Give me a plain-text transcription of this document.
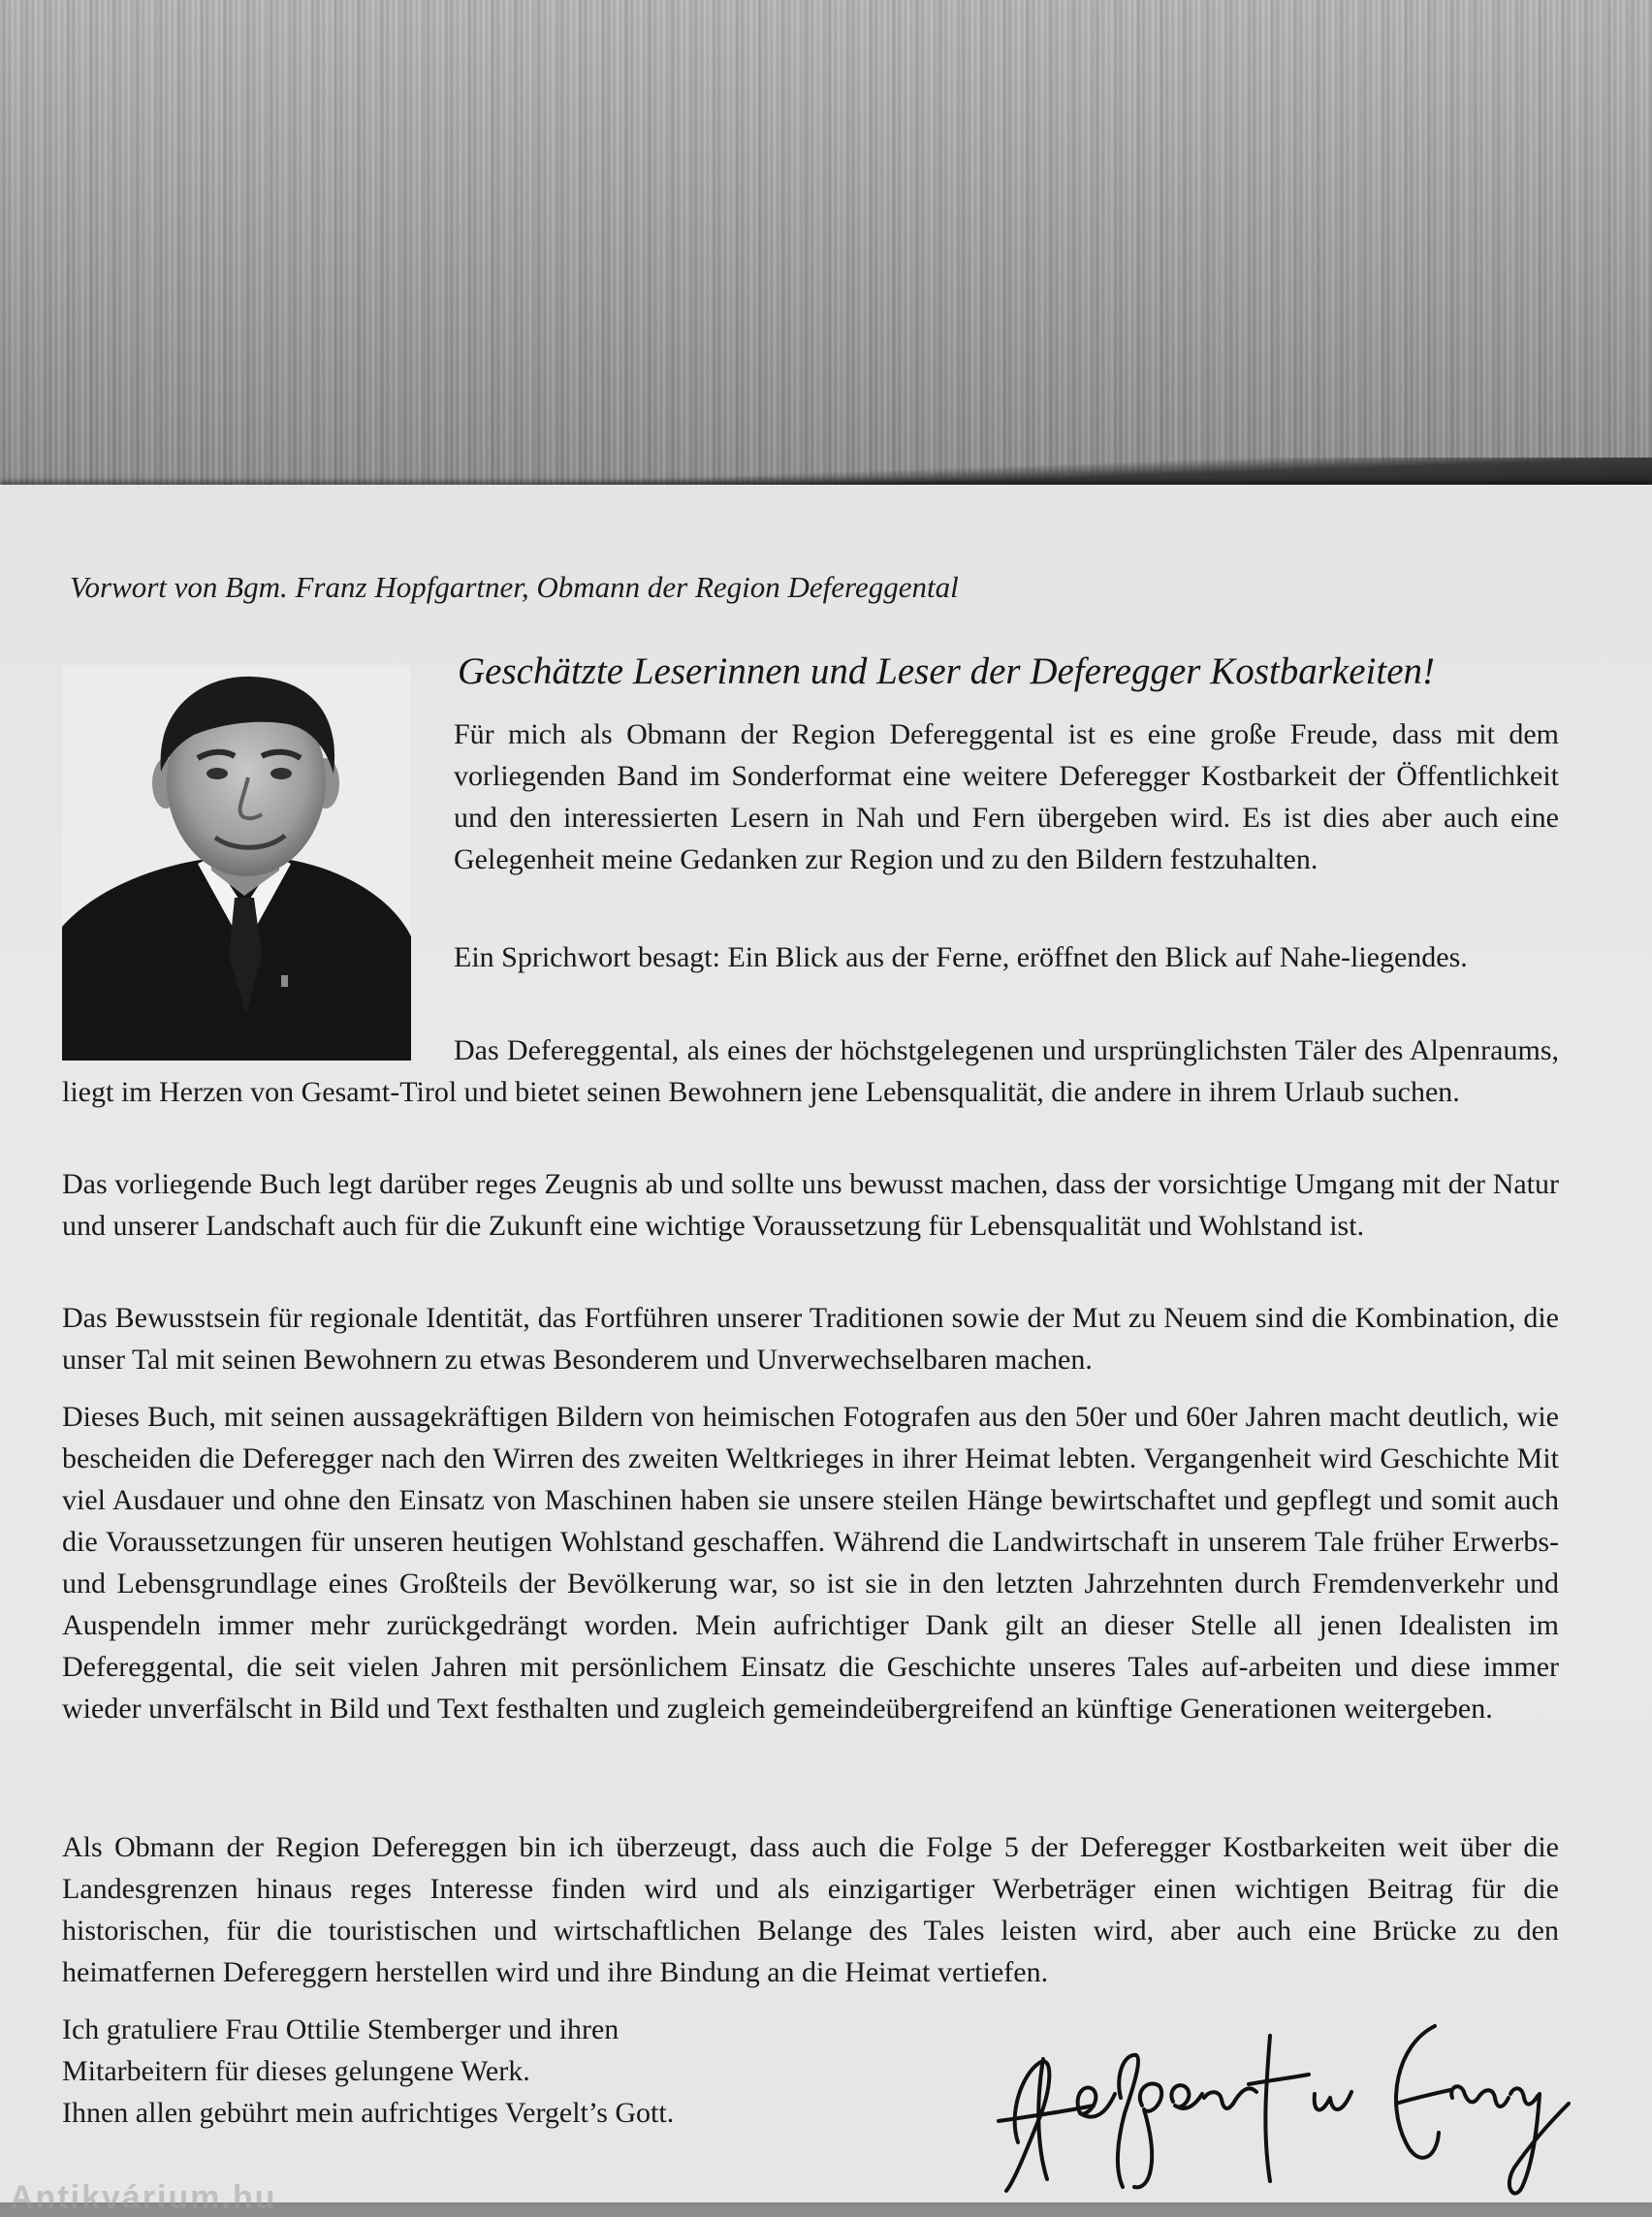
Vorwort von Bgm. Franz Hopfgartner, Obmann der Region Defereggental
Geschätzte Leserinnen und Leser der Deferegger Kostbarkeiten!

Für mich als Obmann der Region Defereggental ist es eine große Freude, dass mit dem vorliegenden Band im Sonderformat eine weitere Deferegger Kostbarkeit der Öffentlichkeit und den interessierten Lesern in Nah und Fern übergeben wird. Es ist dies aber auch eine Gelegenheit meine Gedanken zur Region und zu den Bildern festzuhalten.

Ein Sprichwort besagt: Ein Blick aus der Ferne, eröffnet den Blick auf Nahe-liegendes.

Das Defereggental, als eines der höchstgelegenen und ursprünglichsten Täler des Alpenraums, liegt im Herzen von Gesamt-Tirol und bietet seinen Bewohnern jene Lebensqualität, die andere in ihrem Urlaub suchen.

Das vorliegende Buch legt darüber reges Zeugnis ab und sollte uns bewusst machen, dass der vorsichtige Umgang mit der Natur und unserer Landschaft auch für die Zukunft eine wichtige Voraussetzung für Lebensqualität und Wohlstand ist.

Das Bewusstsein für regionale Identität, das Fortführen unserer Traditionen sowie der Mut zu Neuem sind die Kombination, die unser Tal mit seinen Bewohnern zu etwas Besonderem und Unverwechselbaren machen.

Dieses Buch, mit seinen aussagekräftigen Bildern von heimischen Fotografen aus den 50er und 60er Jahren macht deutlich, wie bescheiden die Deferegger nach den Wirren des zweiten Weltkrieges in ihrer Heimat lebten. Vergangenheit wird Geschichte Mit viel Ausdauer und ohne den Einsatz von Maschinen haben sie unsere steilen Hänge bewirtschaftet und gepflegt und somit auch die Voraussetzungen für unseren heutigen Wohlstand geschaffen. Während die Landwirtschaft in unserem Tale früher Erwerbs- und Lebensgrundlage eines Großteils der Bevölkerung war, so ist sie in den letzten Jahrzehnten durch Fremdenverkehr und Auspendeln immer mehr zurückgedrängt worden. Mein aufrichtiger Dank gilt an dieser Stelle all jenen Idealisten im Defereggental, die seit vielen Jahren mit persönlichem Einsatz die Geschichte unseres Tales auf-arbeiten und diese immer wieder unverfälscht in Bild und Text festhalten und zugleich gemeindeübergreifend an künftige Generationen weitergeben.

Als Obmann der Region Defereggen bin ich überzeugt, dass auch die Folge 5 der Deferegger Kostbarkeiten weit über die Landesgrenzen hinaus reges Interesse finden wird und als einzigartiger Werbeträger einen wichtigen Beitrag für die historischen, für die touristischen und wirtschaftlichen Belange des Tales leisten wird, aber auch eine Brücke zu den heimatfernen Defereggern herstellen wird und ihre Bindung an die Heimat vertiefen.

Ich gratuliere Frau Ottilie Stemberger und ihren
Mitarbeitern für dieses gelungene Werk.
Ihnen allen gebührt mein aufrichtiges Vergelt’s Gott.
Antikvárium.hu
